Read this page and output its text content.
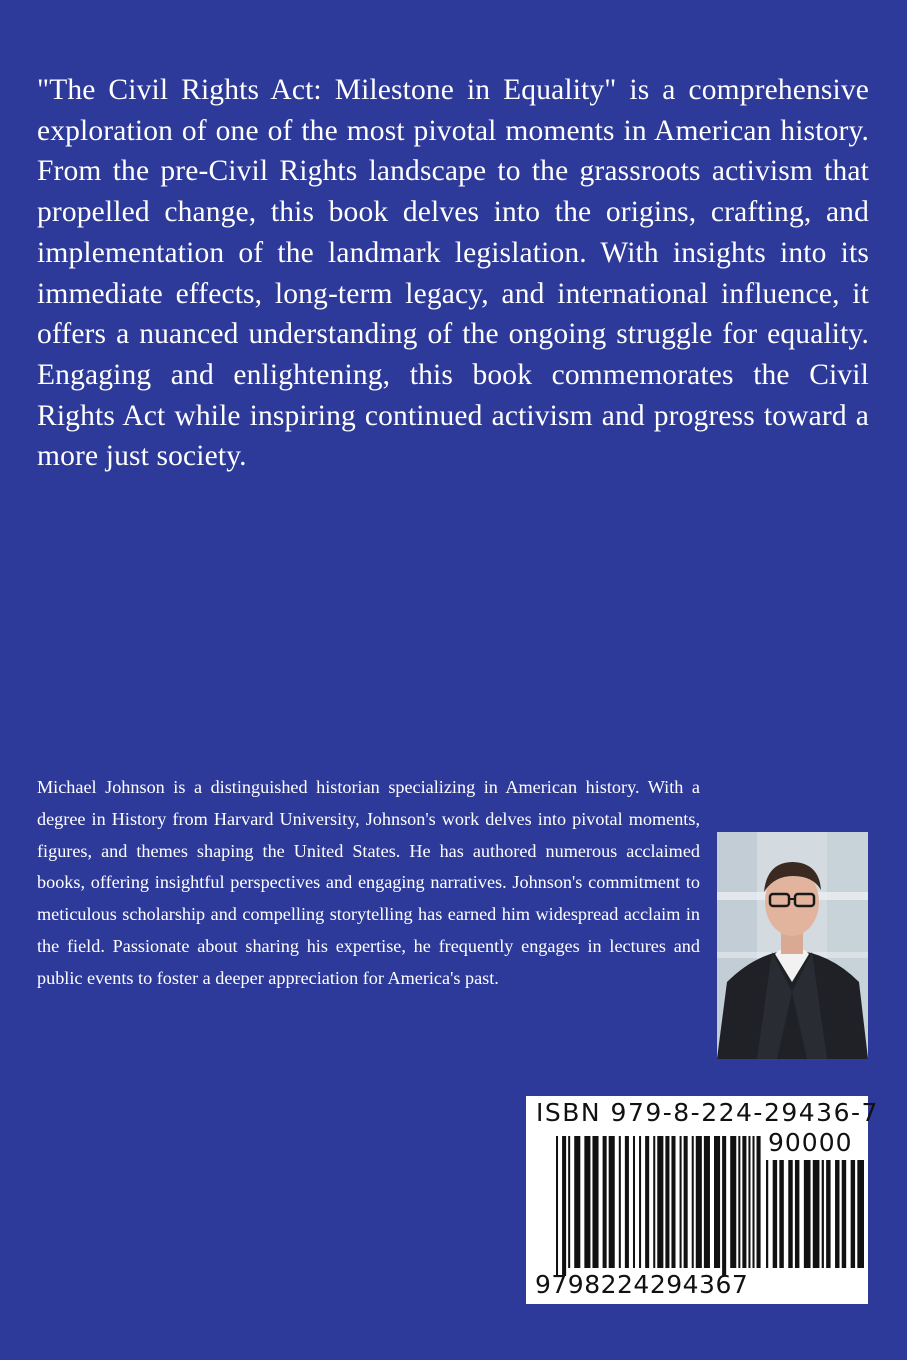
"The Civil Rights Act: Milestone in Equality" is a comprehensive exploration of one of the most pivotal moments in American history. From the pre-Civil Rights landscape to the grassroots activism that propelled change, this book delves into the origins, crafting, and implementation of the landmark legislation. With insights into its immediate effects, long-term legacy, and international influence, it offers a nuanced understanding of the ongoing struggle for equality. Engaging and enlightening, this book commemorates the Civil Rights Act while inspiring continued activism and progress toward a more just society.

Michael Johnson is a distinguished historian specializing in American history. With a degree in History from Harvard University, Johnson's work delves into pivotal moments, figures, and themes shaping the United States. He has authored numerous acclaimed books, offering insightful perspectives and engaging narratives. Johnson's commitment to meticulous scholarship and compelling storytelling has earned him widespread acclaim in the field. Passionate about sharing his expertise, he frequently engages in lectures and public events to foster a deeper appreciation for America's past.

ISBN 979-8-224-29436-7
90000
9798224294367
